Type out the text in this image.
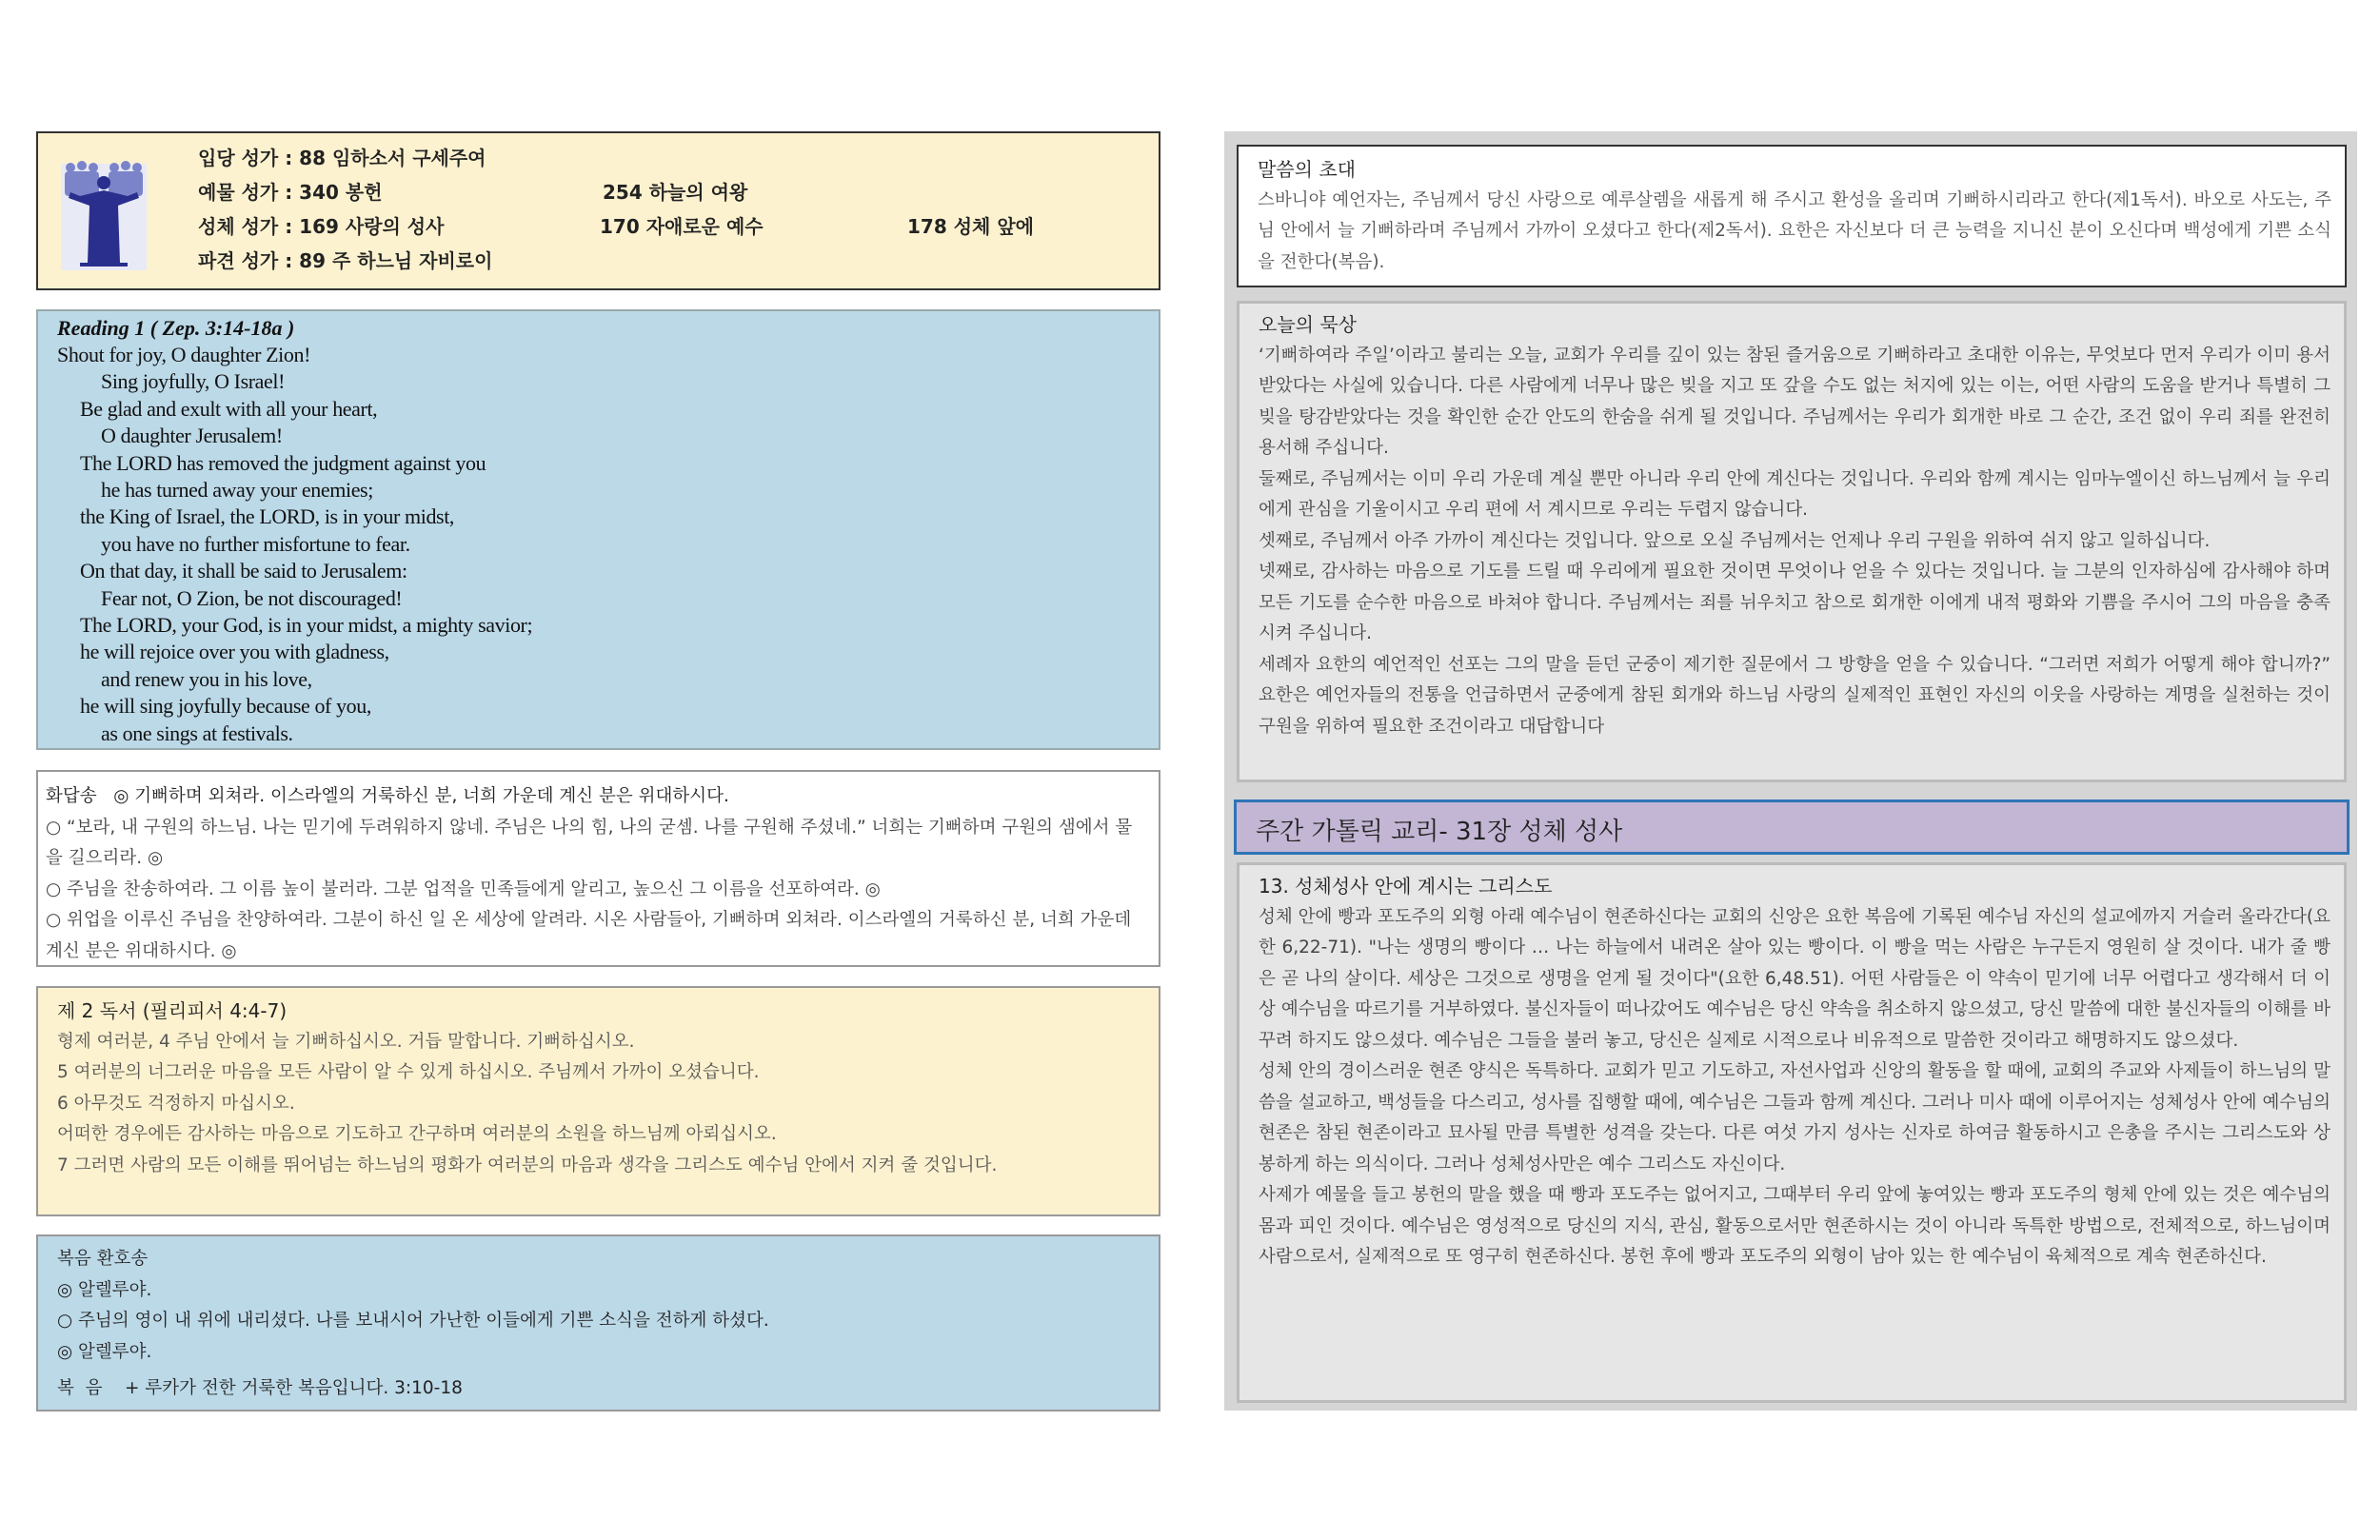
입당 성가 : 88 임하소서 구세주여
예물 성가 : 340 봉헌	254 하늘의 여왕
성체 성가 : 169 사랑의 성사	170 자애로운 예수	178 성체 앞에
파견 성가 : 89 주 하느님 자비로이
Reading 1 ( Zep. 3:14-18a )
Shout for joy, O daughter Zion!
Sing joyfully, O Israel!
Be glad and exult with all your heart,
O daughter Jerusalem!
The LORD has removed the judgment against you
he has turned away your enemies;
the King of Israel, the LORD, is in your midst,
you have no further misfortune to fear.
On that day, it shall be said to Jerusalem:
Fear not, O Zion, be not discouraged!
The LORD, your God, is in your midst, a mighty savior;
he will rejoice over you with gladness,
and renew you in his love,
he will sing joyfully because of you,
as one sings at festivals.

화답송 ◎ 기뻐하며 외쳐라. 이스라엘의 거룩하신 분, 너희 가운데 계신 분은 위대하시다.

○ “보라, 내 구원의 하느님. 나는 믿기에 두려워하지 않네. 주님은 나의 힘, 나의 굳셈. 나를 구원해 주셨네.” 너희는 기뻐하며 구원의 샘에서 물을 길으리라. ◎

○ 주님을 찬송하여라. 그 이름 높이 불러라. 그분 업적을 민족들에게 알리고, 높으신 그 이름을 선포하여라. ◎

○ 위업을 이루신 주님을 찬양하여라. 그분이 하신 일 온 세상에 알려라. 시온 사람들아, 기뻐하며 외쳐라. 이스라엘의 거룩하신 분, 너희 가운데 계신 분은 위대하시다. ◎

제 2 독서 (필리피서 4:4-7)

형제 여러분, 4 주님 안에서 늘 기뻐하십시오. 거듭 말합니다. 기뻐하십시오.

5 여러분의 너그러운 마음을 모든 사람이 알 수 있게 하십시오. 주님께서 가까이 오셨습니다.

6 아무것도 걱정하지 마십시오.

어떠한 경우에든 감사하는 마음으로 기도하고 간구하며 여러분의 소원을 하느님께 아뢰십시오.

7 그러면 사람의 모든 이해를 뛰어넘는 하느님의 평화가 여러분의 마음과 생각을 그리스도 예수님 안에서 지켜 줄 것입니다.

복음 환호송

◎ 알렐루야.

○ 주님의 영이 내 위에 내리셨다. 나를 보내시어 가난한 이들에게 기쁜 소식을 전하게 하셨다.

◎ 알렐루야.

복  음    + 루카가 전한 거룩한 복음입니다. 3:10-18

말씀의 초대

스바니야 예언자는, 주님께서 당신 사랑으로 예루살렘을 새롭게 해 주시고 환성을 올리며 기뻐하시리라고 한다(제1독서). 바오로 사도는, 주님 안에서 늘 기뻐하라며 주님께서 가까이 오셨다고 한다(제2독서). 요한은 자신보다 더 큰 능력을 지니신 분이 오신다며 백성에게 기쁜 소식을 전한다(복음).

오늘의 묵상

‘기뻐하여라 주일’이라고 불리는 오늘, 교회가 우리를 깊이 있는 참된 즐거움으로 기뻐하라고 초대한 이유는, 무엇보다 먼저 우리가 이미 용서받았다는 사실에 있습니다. 다른 사람에게 너무나 많은 빚을 지고 또 갚을 수도 없는 처지에 있는 이는, 어떤 사람의 도움을 받거나 특별히 그 빚을 탕감받았다는 것을 확인한 순간 안도의 한숨을 쉬게 될 것입니다. 주님께서는 우리가 회개한 바로 그 순간, 조건 없이 우리 죄를 완전히 용서해 주십니다.

둘째로, 주님께서는 이미 우리 가운데 계실 뿐만 아니라 우리 안에 계신다는 것입니다. 우리와 함께 계시는 임마누엘이신 하느님께서 늘 우리에게 관심을 기울이시고 우리 편에 서 계시므로 우리는 두렵지 않습니다.

셋째로, 주님께서 아주 가까이 계신다는 것입니다. 앞으로 오실 주님께서는 언제나 우리 구원을 위하여 쉬지 않고 일하십니다.

넷째로, 감사하는 마음으로 기도를 드릴 때 우리에게 필요한 것이면 무엇이나 얻을 수 있다는 것입니다. 늘 그분의 인자하심에 감사해야 하며 모든 기도를 순수한 마음으로 바쳐야 합니다. 주님께서는 죄를 뉘우치고 참으로 회개한 이에게 내적 평화와 기쁨을 주시어 그의 마음을 충족시켜 주십니다.

세례자 요한의 예언적인 선포는 그의 말을 듣던 군중이 제기한 질문에서 그 방향을 얻을 수 있습니다. “그러면 저희가 어떻게 해야 합니까?” 요한은 예언자들의 전통을 언급하면서 군중에게 참된 회개와 하느님 사랑의 실제적인 표현인 자신의 이웃을 사랑하는 계명을 실천하는 것이 구원을 위하여 필요한 조건이라고 대답합니다

주간 가톨릭 교리- 31장 성체 성사

13. 성체성사 안에 계시는 그리스도

성체 안에 빵과 포도주의 외형 아래 예수님이 현존하신다는 교회의 신앙은 요한 복음에 기록된 예수님 자신의 설교에까지 거슬러 올라간다(요한 6,22-71). "나는 생명의 빵이다 … 나는 하늘에서 내려온 살아 있는 빵이다. 이 빵을 먹는 사람은 누구든지 영원히 살 것이다. 내가 줄 빵은 곧 나의 살이다. 세상은 그것으로 생명을 얻게 될 것이다"(요한 6,48.51). 어떤 사람들은 이 약속이 믿기에 너무 어렵다고 생각해서 더 이상 예수님을 따르기를 거부하였다. 불신자들이 떠나갔어도 예수님은 당신 약속을 취소하지 않으셨고, 당신 말씀에 대한 불신자들의 이해를 바꾸려 하지도 않으셨다. 예수님은 그들을 불러 놓고, 당신은 실제로 시적으로나 비유적으로 말씀한 것이라고 해명하지도 않으셨다.

성체 안의 경이스러운 현존 양식은 독특하다. 교회가 믿고 기도하고, 자선사업과 신앙의 활동을 할 때에, 교회의 주교와 사제들이 하느님의 말씀을 설교하고, 백성들을 다스리고, 성사를 집행할 때에, 예수님은 그들과 함께 계신다. 그러나 미사 때에 이루어지는 성체성사 안에 예수님의 현존은 참된 현존이라고 묘사될 만큼 특별한 성격을 갖는다. 다른 여섯 가지 성사는 신자로 하여금 활동하시고 은총을 주시는 그리스도와 상봉하게 하는 의식이다. 그러나 성체성사만은 예수 그리스도 자신이다.

사제가 예물을 들고 봉헌의 말을 했을 때 빵과 포도주는 없어지고, 그때부터 우리 앞에 놓여있는 빵과 포도주의 형체 안에 있는 것은 예수님의 몸과 피인 것이다. 예수님은 영성적으로 당신의 지식, 관심, 활동으로서만 현존하시는 것이 아니라 독특한 방법으로, 전체적으로, 하느님이며 사람으로서, 실제적으로 또 영구히 현존하신다. 봉헌 후에 빵과 포도주의 외형이 남아 있는 한 예수님이 육체적으로 계속 현존하신다.
